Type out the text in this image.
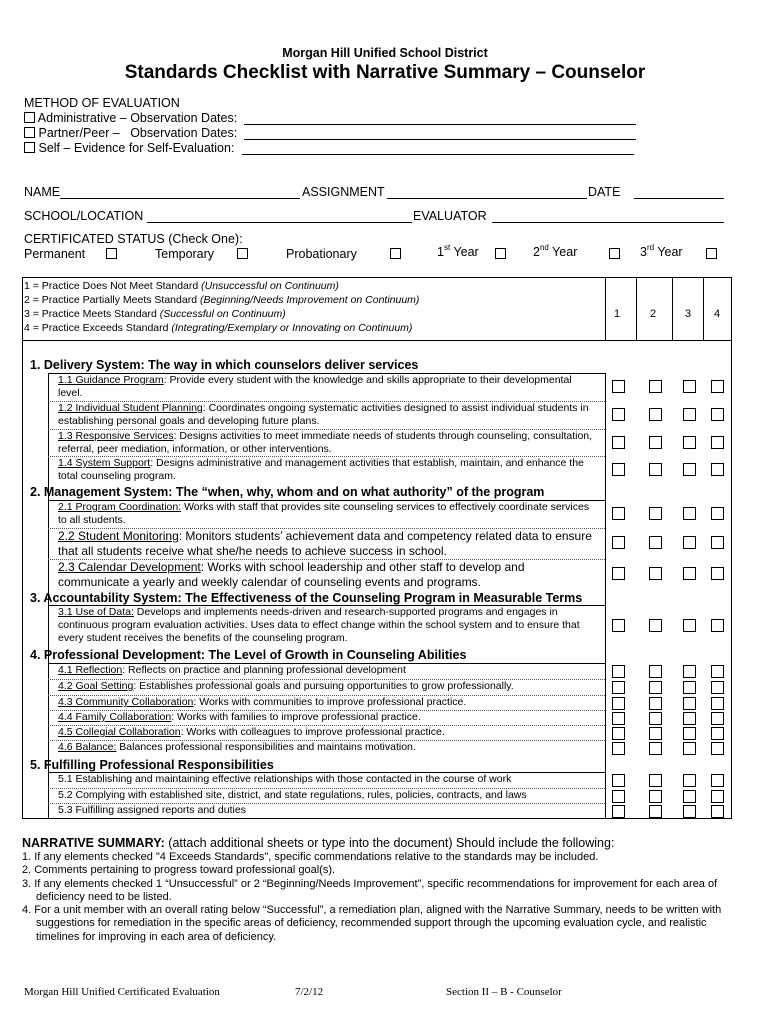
Morgan Hill Unified School District
Standards Checklist with Narrative Summary – Counselor
METHOD OF EVALUATION
Administrative – Observation Dates:
Partner/Peer –   Observation Dates:
Self – Evidence for Self-Evaluation:
NAME	ASSIGNMENT	DATE
SCHOOL/LOCATION	EVALUATOR
CERTIFICATED STATUS (Check One):
Permanent	Temporary	Probationary	1st Year	2nd Year	3rd Year
1 = Practice Does Not Meet Standard (Unsuccessful on Continuum)
2 = Practice Partially Meets Standard (Beginning/Needs Improvement on Continuum)
3 = Practice Meets Standard (Successful on Continuum)
4 = Practice Exceeds Standard (Integrating/Exemplary or Innovating on Continuum)
1	2	3 4
1. Delivery System: The way in which counselors deliver services
1.1 Guidance Program: Provide every student with the knowledge and skills appropriate to their developmental level.
1.2 Individual Student Planning: Coordinates ongoing systematic activities designed to assist individual students in establishing personal goals and developing future plans.
1.3 Responsive Services: Designs activities to meet immediate needs of students through counseling, consultation, referral, peer mediation, information, or other interventions.
1.4 System Support: Designs administrative and management activities that establish, maintain, and enhance the total counseling program.
2. Management System: The “when, why, whom and on what authority” of the program
2.1 Program Coordination: Works with staff that provides site counseling services to effectively coordinate services to all students.
2.2 Student Monitoring: Monitors students’ achievement data and competency related data to ensure that all students receive what she/he needs to achieve success in school.
2.3 Calendar Development: Works with school leadership and other staff to develop and communicate a yearly and weekly calendar of counseling events and programs.
3. Accountability System: The Effectiveness of the Counseling Program in Measurable Terms
3.1 Use of Data: Develops and implements needs-driven and research-supported programs and engages in continuous program evaluation activities. Uses data to effect change within the school system and to ensure that every student receives the benefits of the counseling program.
4. Professional Development: The Level of Growth in Counseling Abilities
4.1 Reflection: Reflects on practice and planning professional development
4.2 Goal Setting: Establishes professional goals and pursuing opportunities to grow professionally.
4.3 Community Collaboration: Works with communities to improve professional practice.
4.4 Family Collaboration: Works with families to improve professional practice.
4.5 Collegial Collaboration: Works with colleagues to improve professional practice.
4.6 Balance: Balances professional responsibilities and maintains motivation.
5. Fulfilling Professional Responsibilities
5.1 Establishing and maintaining effective relationships with those contacted in the course of work
5.2 Complying with established site, district, and state regulations, rules, policies, contracts, and laws
5.3 Fulfilling assigned reports and duties
NARRATIVE SUMMARY: (attach additional sheets or type into the document) Should include the following:
1. If any elements checked "4 Exceeds Standards", specific commendations relative to the standards may be included.
2. Comments pertaining to progress toward professional goal(s).
3. If any elements checked 1 “Unsuccessful” or 2 “Beginning/Needs Improvement”, specific recommendations for improvement for each area of deficiency need to be listed.
4. For a unit member with an overall rating below “Successful”, a remediation plan, aligned with the Narrative Summary, needs to be written with suggestions for remediation in the specific areas of deficiency, recommended support through the upcoming evaluation cycle, and realistic timelines for improving in each area of deficiency.
Morgan Hill Unified Certificated Evaluation	7/2/12	Section II – B - Counselor
